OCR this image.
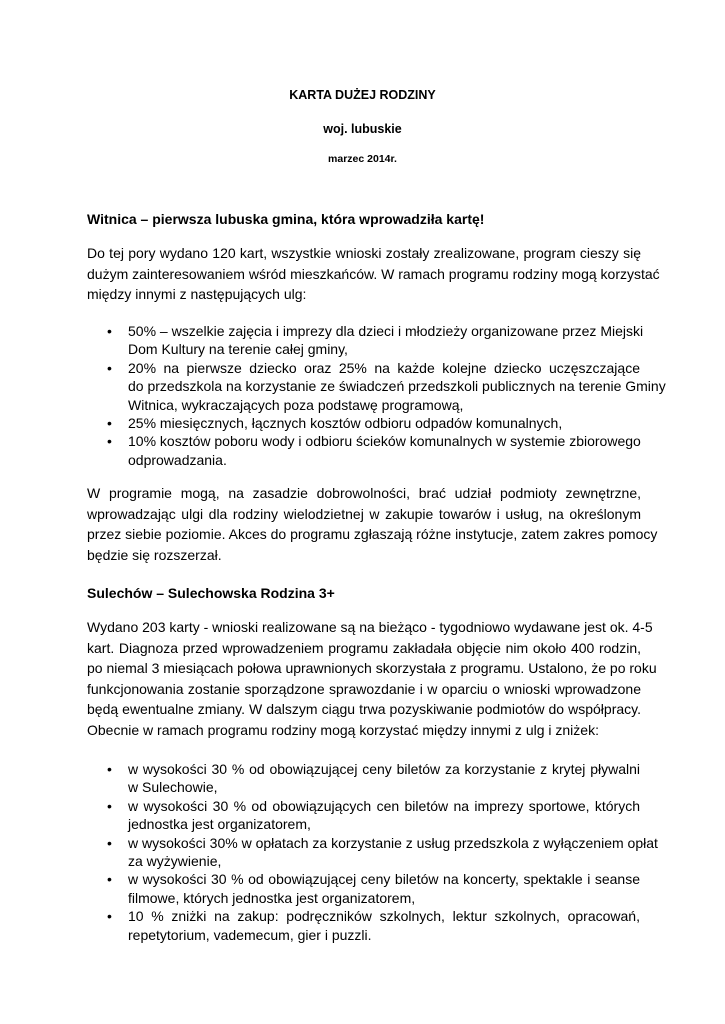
KARTA DUŻEJ RODZINY
woj. lubuskie
marzec 2014r.
Witnica – pierwsza lubuska gmina, która wprowadziła kartę!
Do tej pory wydano 120 kart, wszystkie wnioski zostały zrealizowane, program cieszy się
dużym zainteresowaniem wśród mieszkańców. W ramach programu rodziny mogą korzystać
między innymi z następujących ulg:
• 50% – wszelkie zajęcia i imprezy dla dzieci i młodzieży organizowane przez Miejski
Dom Kultury na terenie całej gminy,
• 20% na pierwsze dziecko oraz 25% na każde kolejne dziecko uczęszczające
do przedszkola na korzystanie ze świadczeń przedszkoli publicznych na terenie Gminy
Witnica, wykraczających poza podstawę programową,
• 25% miesięcznych, łącznych kosztów odbioru odpadów komunalnych,
• 10% kosztów poboru wody i odbioru ścieków komunalnych w systemie zbiorowego
odprowadzania.
W programie mogą, na zasadzie dobrowolności, brać udział podmioty zewnętrzne,
wprowadzając ulgi dla rodziny wielodzietnej w zakupie towarów i usług, na określonym
przez siebie poziomie. Akces do programu zgłaszają różne instytucje, zatem zakres pomocy
będzie się rozszerzał.
Sulechów – Sulechowska Rodzina 3+
Wydano 203 karty - wnioski realizowane są na bieżąco - tygodniowo wydawane jest ok. 4-5
kart. Diagnoza przed wprowadzeniem programu zakładała objęcie nim około 400 rodzin,
po niemal 3 miesiącach połowa uprawnionych skorzystała z programu. Ustalono, że po roku
funkcjonowania zostanie sporządzone sprawozdanie i w oparciu o wnioski wprowadzone
będą ewentualne zmiany. W dalszym ciągu trwa pozyskiwanie podmiotów do współpracy.
Obecnie w ramach programu rodziny mogą korzystać między innymi z ulg i zniżek:
• w wysokości 30 % od obowiązującej ceny biletów za korzystanie z krytej pływalni
w Sulechowie,
• w wysokości 30 % od obowiązujących cen biletów na imprezy sportowe, których
jednostka jest organizatorem,
• w wysokości 30% w opłatach za korzystanie z usług przedszkola z wyłączeniem opłat
za wyżywienie,
• w wysokości 30 % od obowiązującej ceny biletów na koncerty, spektakle i seanse
filmowe, których jednostka jest organizatorem,
• 10 % zniżki na zakup: podręczników szkolnych, lektur szkolnych, opracowań,
repetytorium, vademecum, gier i puzzli.
